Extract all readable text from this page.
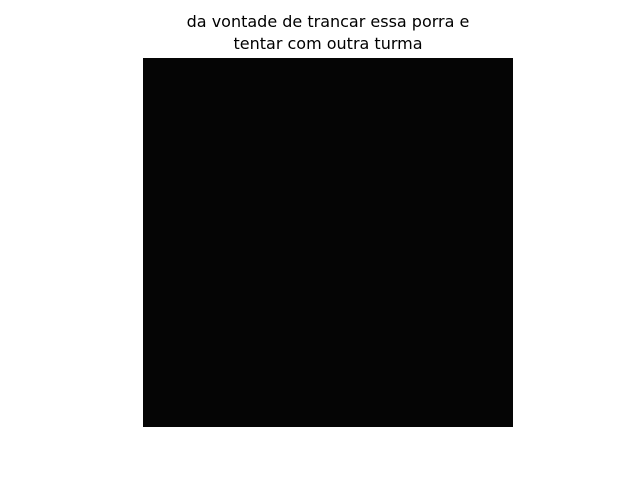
da vontade de trancar essa porra e
tentar com outra turma
